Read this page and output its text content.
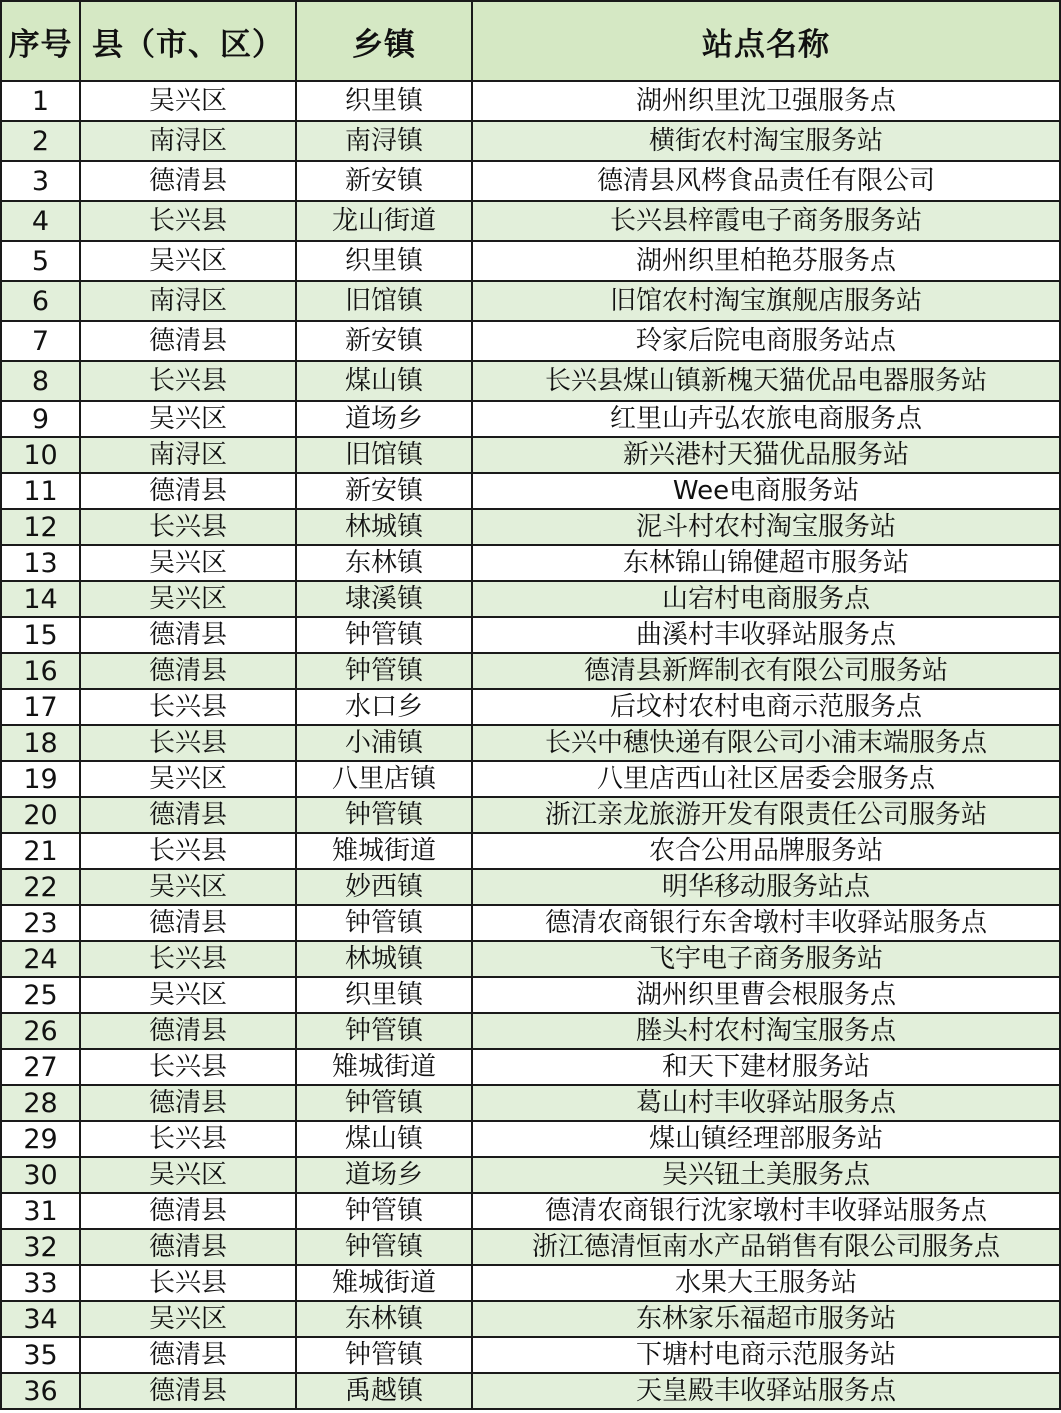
序号	县（市、区）	乡镇	站点名称
1	吴兴区	织里镇	湖州织里沈卫强服务点
2	南浔区	南浔镇	横街农村淘宝服务站
3	德清县	新安镇	德清县风梣食品责任有限公司
4	长兴县	龙山街道	长兴县梓霞电子商务服务站
5	吴兴区	织里镇	湖州织里柏艳芬服务点
6	南浔区	旧馆镇	旧馆农村淘宝旗舰店服务站
7	德清县	新安镇	玲家后院电商服务站点
8	长兴县	煤山镇	长兴县煤山镇新槐天猫优品电器服务站
9	吴兴区	道场乡	红里山卉弘农旅电商服务点
10	南浔区	旧馆镇	新兴港村天猫优品服务站
11	德清县	新安镇	Wee电商服务站
12	长兴县	林城镇	泥斗村农村淘宝服务站
13	吴兴区	东林镇	东林锦山锦健超市服务站
14	吴兴区	埭溪镇	山宕村电商服务点
15	德清县	钟管镇	曲溪村丰收驿站服务点
16	德清县	钟管镇	德清县新辉制衣有限公司服务站
17	长兴县	水口乡	后坟村农村电商示范服务点
18	长兴县	小浦镇	长兴中穗快递有限公司小浦末端服务点
19	吴兴区	八里店镇	八里店西山社区居委会服务点
20	德清县	钟管镇	浙江亲龙旅游开发有限责任公司服务站
21	长兴县	雉城街道	农合公用品牌服务站
22	吴兴区	妙西镇	明华移动服务站点
23	德清县	钟管镇	德清农商银行东舍墩村丰收驿站服务点
24	长兴县	林城镇	飞宇电子商务服务站
25	吴兴区	织里镇	湖州织里曹会根服务点
26	德清县	钟管镇	塍头村农村淘宝服务点
27	长兴县	雉城街道	和天下建材服务站
28	德清县	钟管镇	葛山村丰收驿站服务点
29	长兴县	煤山镇	煤山镇经理部服务站
30	吴兴区	道场乡	吴兴钮土美服务点
31	德清县	钟管镇	德清农商银行沈家墩村丰收驿站服务点
32	德清县	钟管镇	浙江德清恒南水产品销售有限公司服务点
33	长兴县	雉城街道	水果大王服务站
34	吴兴区	东林镇	东林家乐福超市服务站
35	德清县	钟管镇	下塘村电商示范服务站
36	德清县	禹越镇	天皇殿丰收驿站服务点
